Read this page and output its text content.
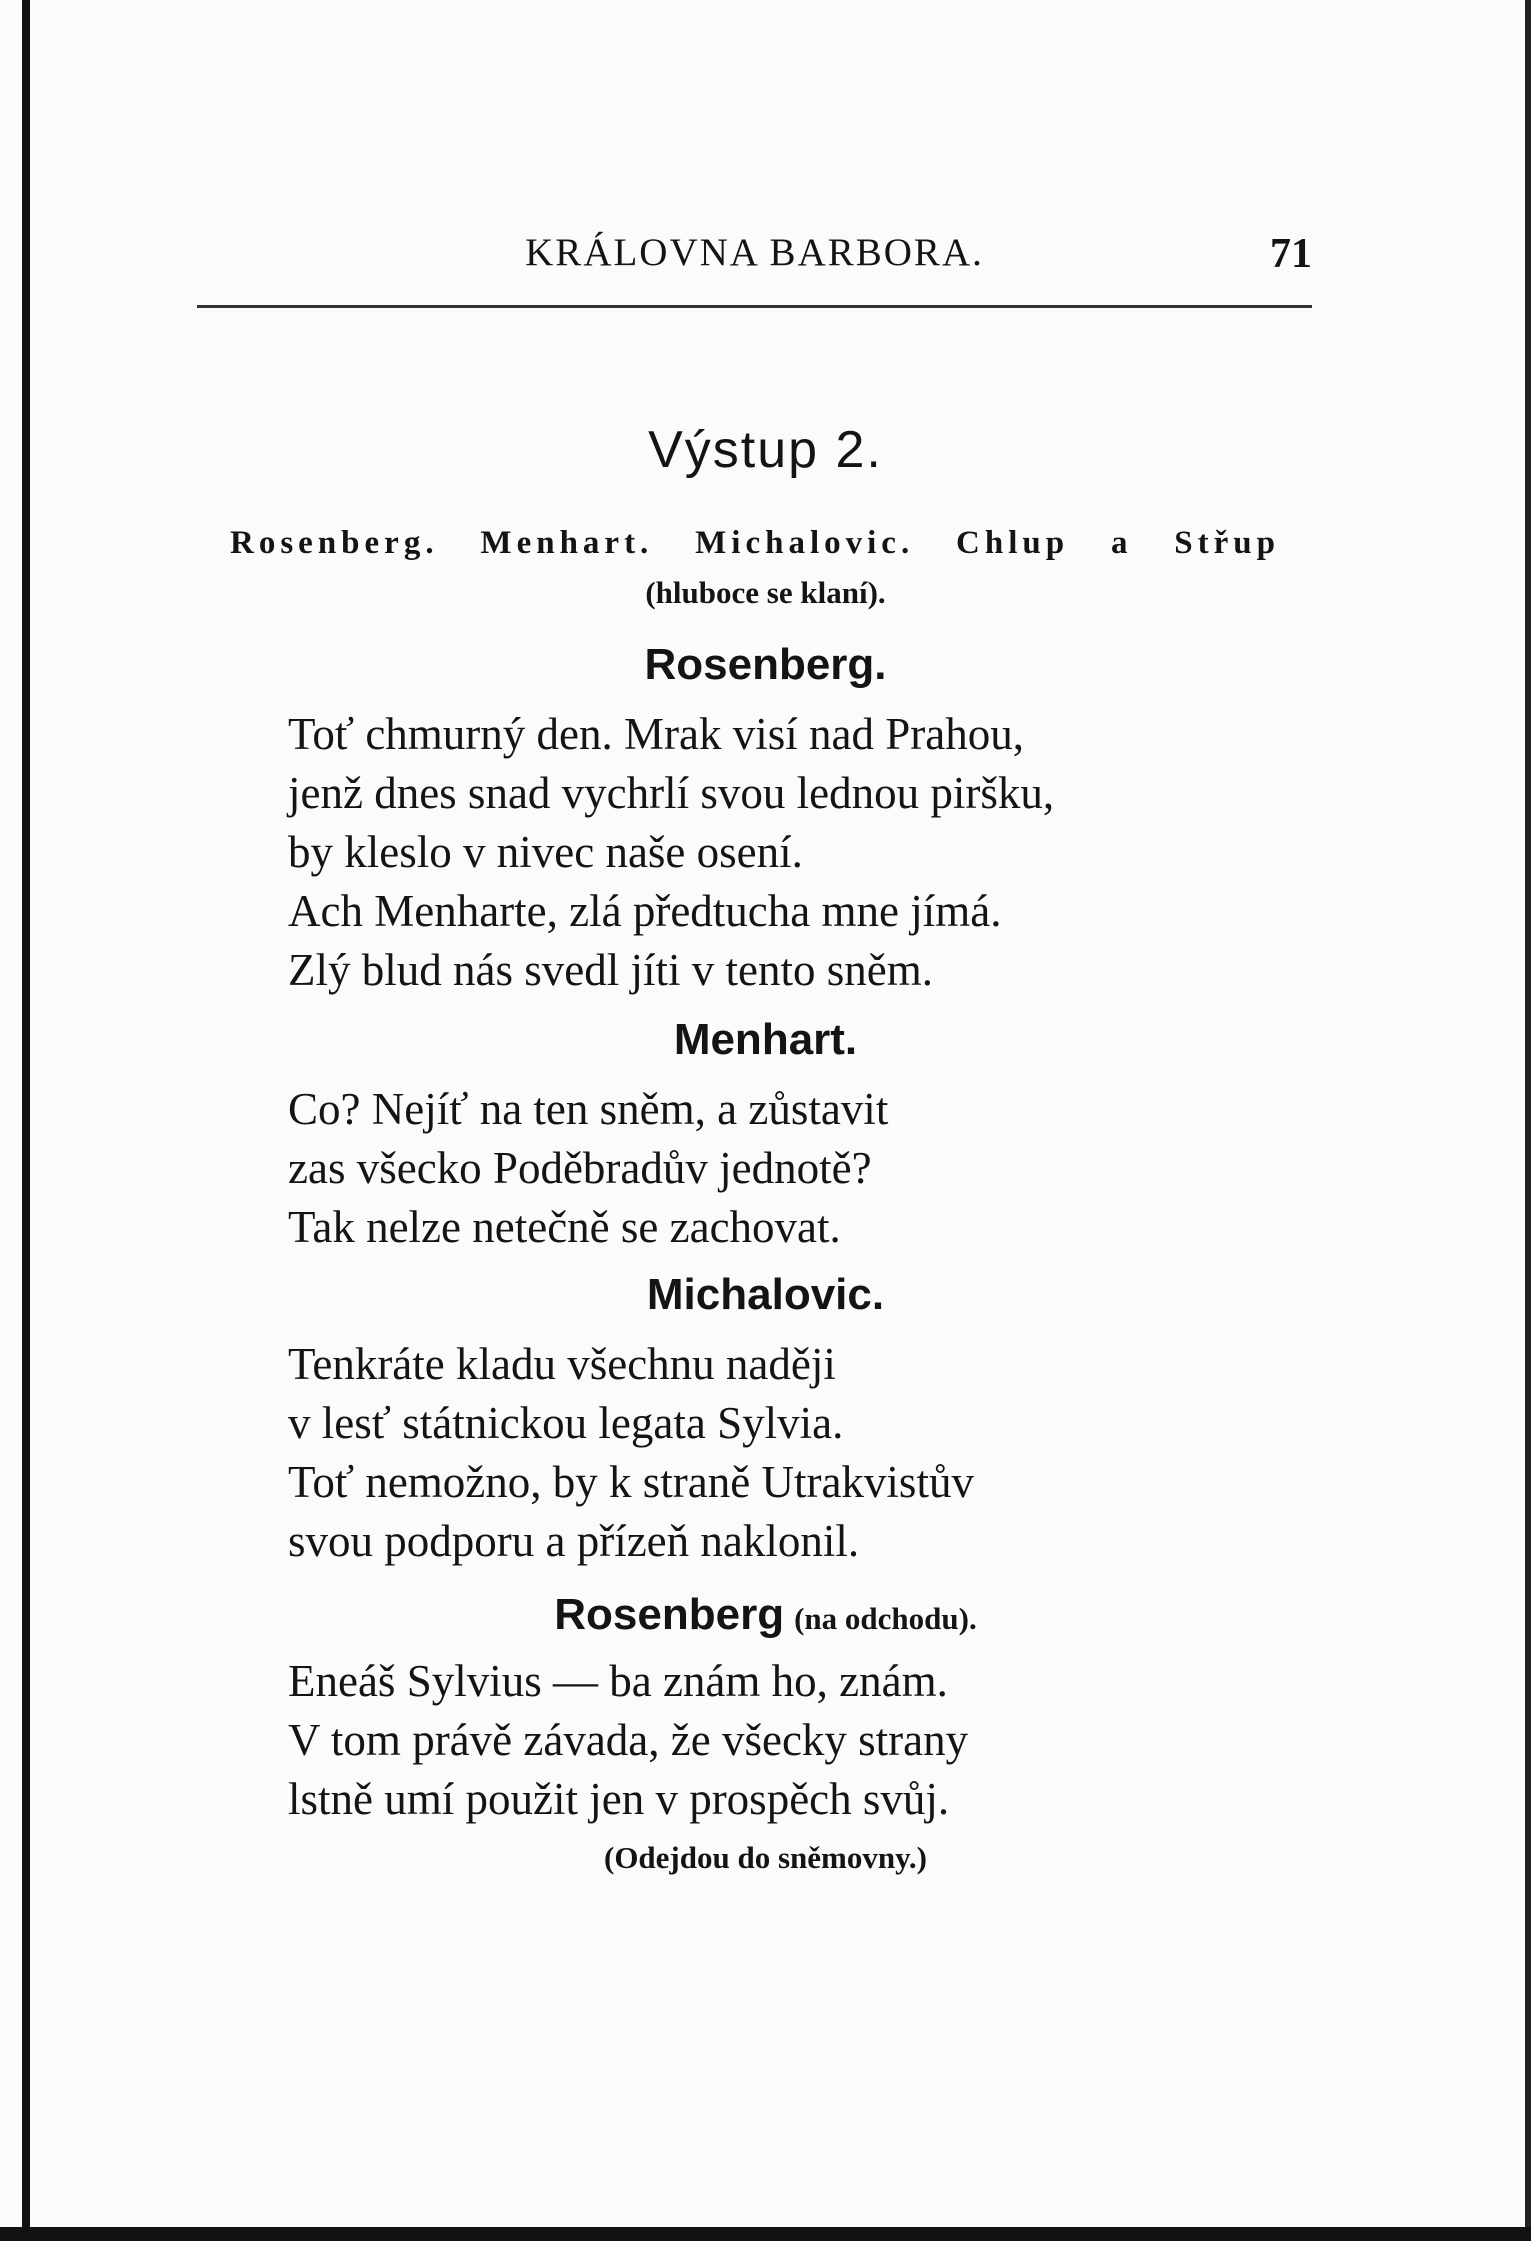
KRÁLOVNA BARBORA.	71
Výstup 2.
Rosenberg. Menhart. Michalovic. Chlup a Střup
(hluboce se klaní).
Rosenberg.
Toť chmurný den. Mrak visí nad Prahou,
jenž dnes snad vychrlí svou lednou piršku,
by kleslo v nivec naše osení.
Ach Menharte, zlá předtucha mne jímá.
Zlý blud nás svedl jíti v tento sněm.
Menhart.
Co? Nejíť na ten sněm, a zůstavit
zas všecko Poděbradův jednotě?
Tak nelze netečně se zachovat.
Michalovic.
Tenkráte kladu všechnu naději
v lesť státnickou legata Sylvia.
Toť nemožno, by k straně Utrakvistův
svou podporu a přízeň naklonil.
Rosenberg (na odchodu).
Eneáš Sylvius — ba znám ho, znám.
V tom právě závada, že všecky strany
lstně umí použit jen v prospěch svůj.
(Odejdou do sněmovny.)
